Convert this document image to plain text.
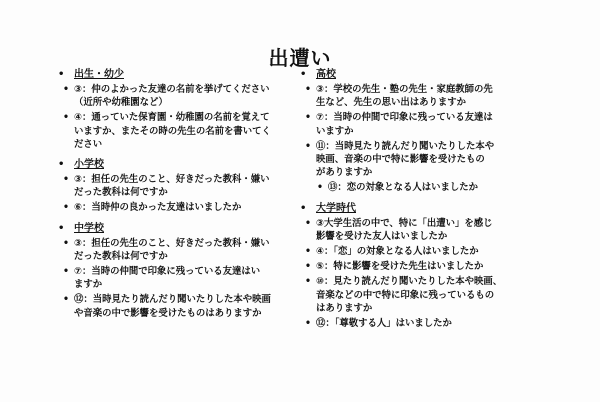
出遭い
• 出生・幼少
• ③：仲のよかった友達の名前を挙げてください
（近所や幼稚園など）
• ④：通っていた保育園・幼稚園の名前を覚えて
いますか、またその時の先生の名前を書いてく
ださい
• 小学校
• ③：担任の先生のこと、好きだった教科・嫌い
だった教科は何ですか
• ⑥：当時仲の良かった友達はいましたか
• 中学校
• ③：担任の先生のこと、好きだった教科・嫌い
だった教科は何ですか
• ⑦：当時の仲間で印象に残っている友達はい
ますか
• ⑫：当時見たり読んだり聞いたりした本や映画
や音楽の中で影響を受けたものはありますか
• 高校
• ③：学校の先生・塾の先生・家庭教師の先
生など、先生の思い出はありますか
• ⑦：当時の仲間で印象に残っている友達は
いますか
• ⑪：当時見たり読んだり聞いたりした本や
映画、音楽の中で特に影響を受けたもの
がありますか
• ⑬：恋の対象となる人はいましたか
• 大学時代
• ③大学生活の中で、特に「出遭い」を感じ
影響を受けた友人はいましたか
• ④：「恋」の対象となる人はいましたか
• ⑤：特に影響を受けた先生はいましたか
• ⑩：見たり読んだり聞いたりした本や映画、
音楽などの中で特に印象に残っているもの
はありますか
• ⑫：「尊敬する人」はいましたか
